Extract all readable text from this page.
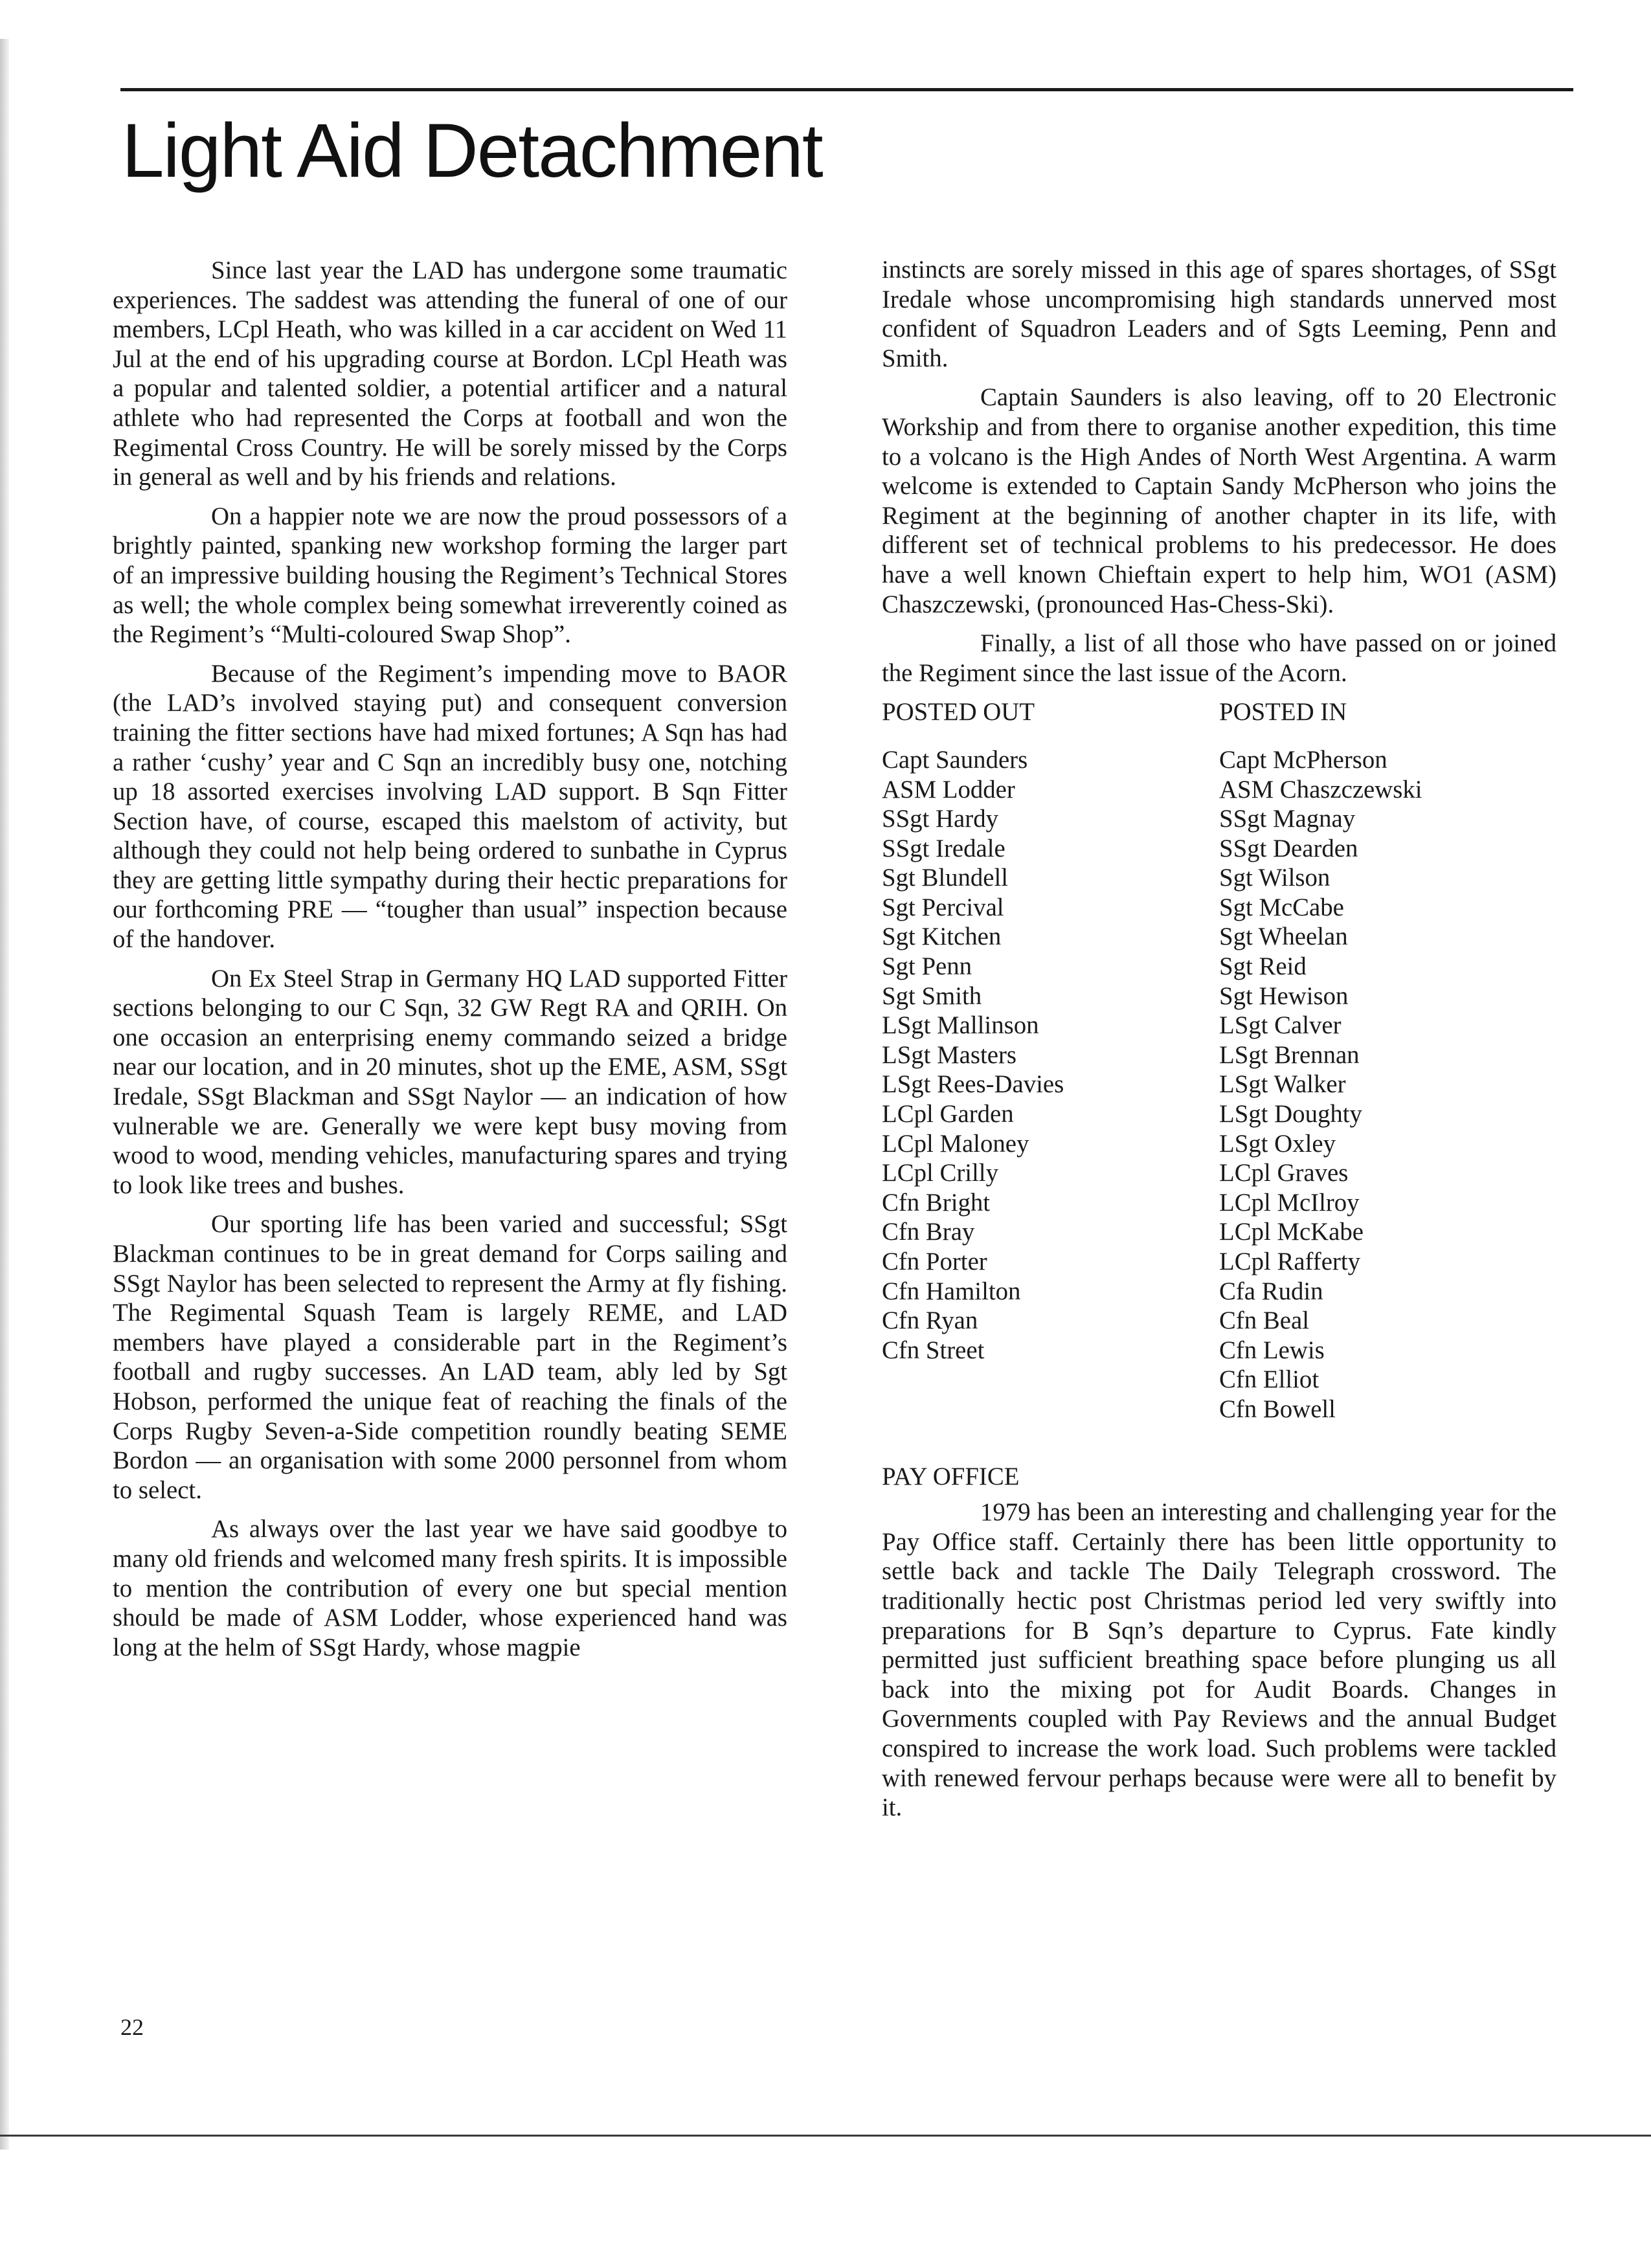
Light Aid Detachment

Since last year the LAD has undergone some traumatic experiences. The saddest was attending the funeral of one of our members, LCpl Heath, who was killed in a car accident on Wed 11 Jul at the end of his upgrading course at Bordon. LCpl Heath was a popular and talented soldier, a potential artificer and a natural athlete who had represented the Corps at football and won the Regimental Cross Country. He will be sorely missed by the Corps in general as well and by his friends and relations.

On a happier note we are now the proud possessors of a brightly painted, spanking new workshop forming the larger part of an impressive building housing the Regiment’s Technical Stores as well; the whole complex being somewhat irreverently coined as the Regiment’s “Multi-coloured Swap Shop”.

Because of the Regiment’s impending move to BAOR (the LAD’s involved staying put) and consequent conversion training the fitter sections have had mixed fortunes; A Sqn has had a rather ‘cushy’ year and C Sqn an incredibly busy one, notching up 18 assorted exercises involving LAD support. B Sqn Fitter Section have, of course, escaped this maelstom of activity, but although they could not help being ordered to sunbathe in Cyprus they are getting little sympathy during their hectic preparations for our forthcoming PRE — “tougher than usual” inspection because of the handover.

On Ex Steel Strap in Germany HQ LAD supported Fitter sections belonging to our C Sqn, 32 GW Regt RA and QRIH. On one occasion an enterprising enemy commando seized a bridge near our location, and in 20 minutes, shot up the EME, ASM, SSgt Iredale, SSgt Blackman and SSgt Naylor — an indication of how vulnerable we are. Generally we were kept busy moving from wood to wood, mending vehicles, manufacturing spares and trying to look like trees and bushes.

Our sporting life has been varied and successful; SSgt Blackman continues to be in great demand for Corps sailing and SSgt Naylor has been selected to represent the Army at fly fishing. The Regimental Squash Team is largely REME, and LAD members have played a considerable part in the Regiment’s football and rugby successes. An LAD team, ably led by Sgt Hobson, performed the unique feat of reaching the finals of the Corps Rugby Seven-a-Side competition roundly beating SEME Bordon — an organisation with some 2000 personnel from whom to select.

As always over the last year we have said goodbye to many old friends and welcomed many fresh spirits. It is impossible to mention the contribution of every one but special mention should be made of ASM Lodder, whose experienced hand was long at the helm of SSgt Hardy, whose magpie

instincts are sorely missed in this age of spares shortages, of SSgt Iredale whose uncompromising high standards unnerved most confident of Squadron Leaders and of Sgts Leeming, Penn and Smith.

Captain Saunders is also leaving, off to 20 Electronic Workship and from there to organise another expedition, this time to a volcano is the High Andes of North West Argentina. A warm welcome is extended to Captain Sandy McPherson who joins the Regiment at the beginning of another chapter in its life, with different set of technical problems to his predecessor. He does have a well known Chieftain expert to help him, WO1 (ASM) Chaszczewski, (pronounced Has-Chess-Ski).

Finally, a list of all those who have passed on or joined the Regiment since the last issue of the Acorn.

POSTED OUT
Capt Saunders
ASM Lodder
SSgt Hardy
SSgt Iredale
Sgt Blundell
Sgt Percival
Sgt Kitchen
Sgt Penn
Sgt Smith
LSgt Mallinson
LSgt Masters
LSgt Rees-Davies
LCpl Garden
LCpl Maloney
LCpl Crilly
Cfn Bright
Cfn Bray
Cfn Porter
Cfn Hamilton
Cfn Ryan
Cfn Street
POSTED IN
Capt McPherson
ASM Chaszczewski
SSgt Magnay
SSgt Dearden
Sgt Wilson
Sgt McCabe
Sgt Wheelan
Sgt Reid
Sgt Hewison
LSgt Calver
LSgt Brennan
LSgt Walker
LSgt Doughty
LSgt Oxley
LCpl Graves
LCpl McIlroy
LCpl McKabe
LCpl Rafferty
Cfa Rudin
Cfn Beal
Cfn Lewis
Cfn Elliot
Cfn Bowell
PAY OFFICE

1979 has been an interesting and challenging year for the Pay Office staff. Certainly there has been little opportunity to settle back and tackle The Daily Telegraph crossword. The traditionally hectic post Christmas period led very swiftly into preparations for B Sqn’s departure to Cyprus. Fate kindly permitted just sufficient breathing space before plunging us all back into the mixing pot for Audit Boards. Changes in Governments coupled with Pay Reviews and the annual Budget conspired to increase the work load. Such problems were tackled with renewed fervour perhaps because were were all to benefit by it.

22
